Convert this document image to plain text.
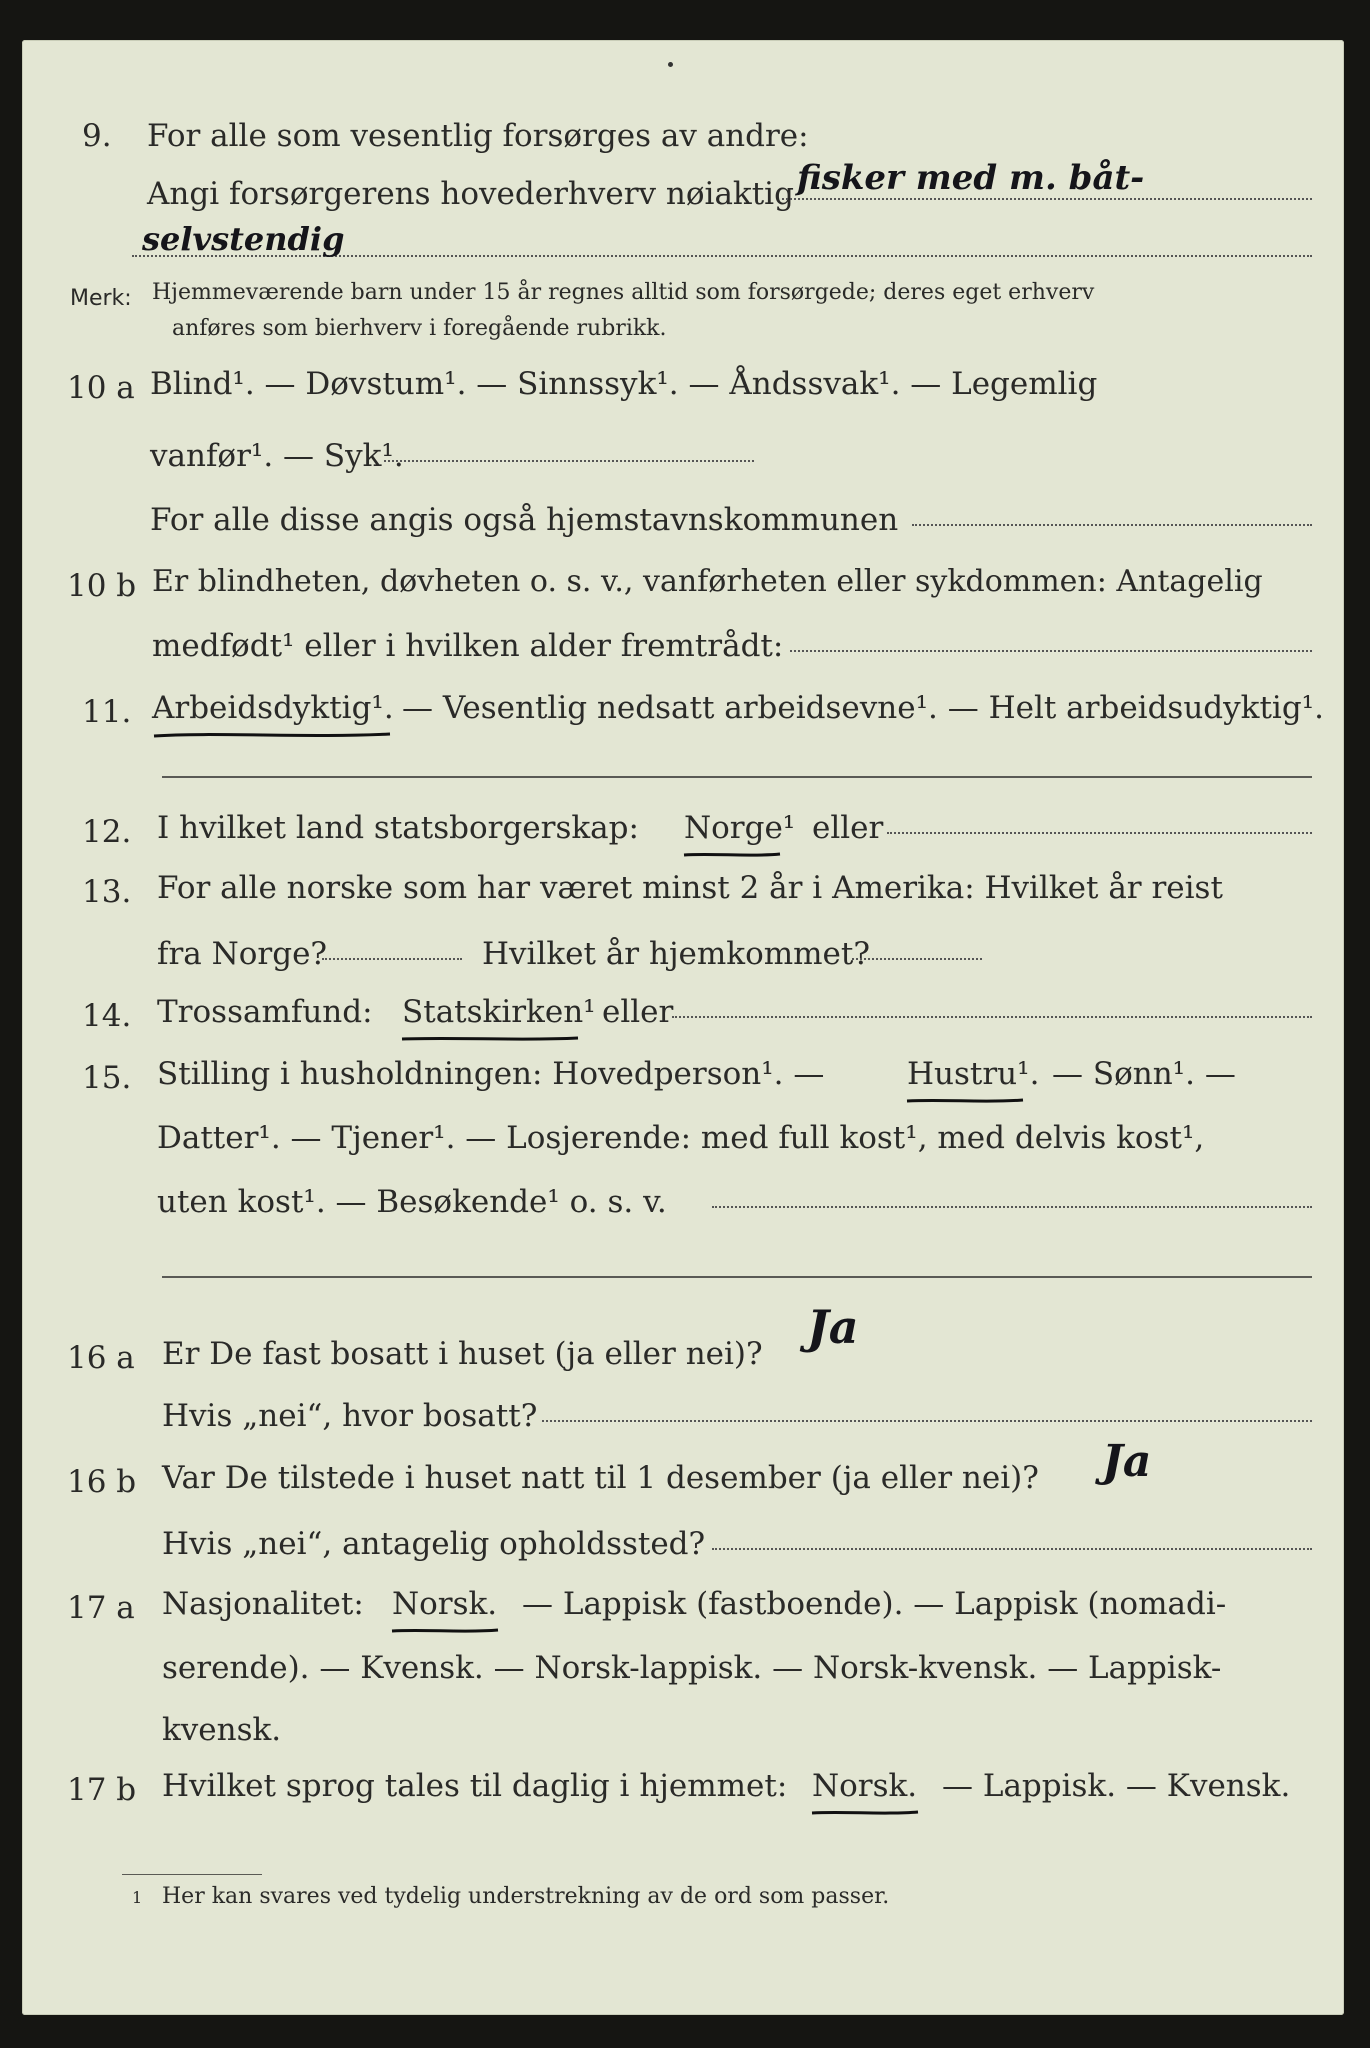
9. For alle som vesentlig forsørges av andre:
Angi forsørgerens hovederhverv nøiaktig fisker med m. båt-
selvstendig
Merk: Hjemmeværende barn under 15 år regnes alltid som forsørgede; deres eget erhverv
anføres som bierhverv i foregående rubrikk.
10 a Blind¹. — Døvstum¹. — Sinnssyk¹. — Åndssvak¹. — Legemlig
vanfør¹. — Syk¹.
For alle disse angis også hjemstavnskommunen
10 b Er blindheten, døvheten o. s. v., vanførheten eller sykdommen: Antagelig
medfødt¹ eller i hvilken alder fremtrådt:
11. Arbeidsdyktig¹. — Vesentlig nedsatt arbeidsevne¹. — Helt arbeidsudyktig¹.
12. I hvilket land statsborgerskap: Norge¹ eller
13. For alle norske som har været minst 2 år i Amerika: Hvilket år reist
fra Norge?	Hvilket år hjemkommet?
14. Trossamfund: Statskirken¹ eller
15. Stilling i husholdningen: Hovedperson¹. —	Hustru¹. — Sønn¹. —
Datter¹. — Tjener¹. — Losjerende: med full kost¹, med delvis kost¹,
uten kost¹. — Besøkende¹ o. s. v.
16 a Er De fast bosatt i huset (ja eller nei)? Ja
Hvis „nei“, hvor bosatt?
16 b Var De tilstede i huset natt til 1 desember (ja eller nei)? Ja
Hvis „nei“, antagelig opholdssted?
17 a Nasjonalitet: Norsk. — Lappisk (fastboende). — Lappisk (nomadi-
serende). — Kvensk. — Norsk-lappisk. — Norsk-kvensk. — Lappisk-
kvensk.
17 b Hvilket sprog tales til daglig i hjemmet: Norsk. — Lappisk. — Kvensk.
1 Her kan svares ved tydelig understrekning av de ord som passer.
